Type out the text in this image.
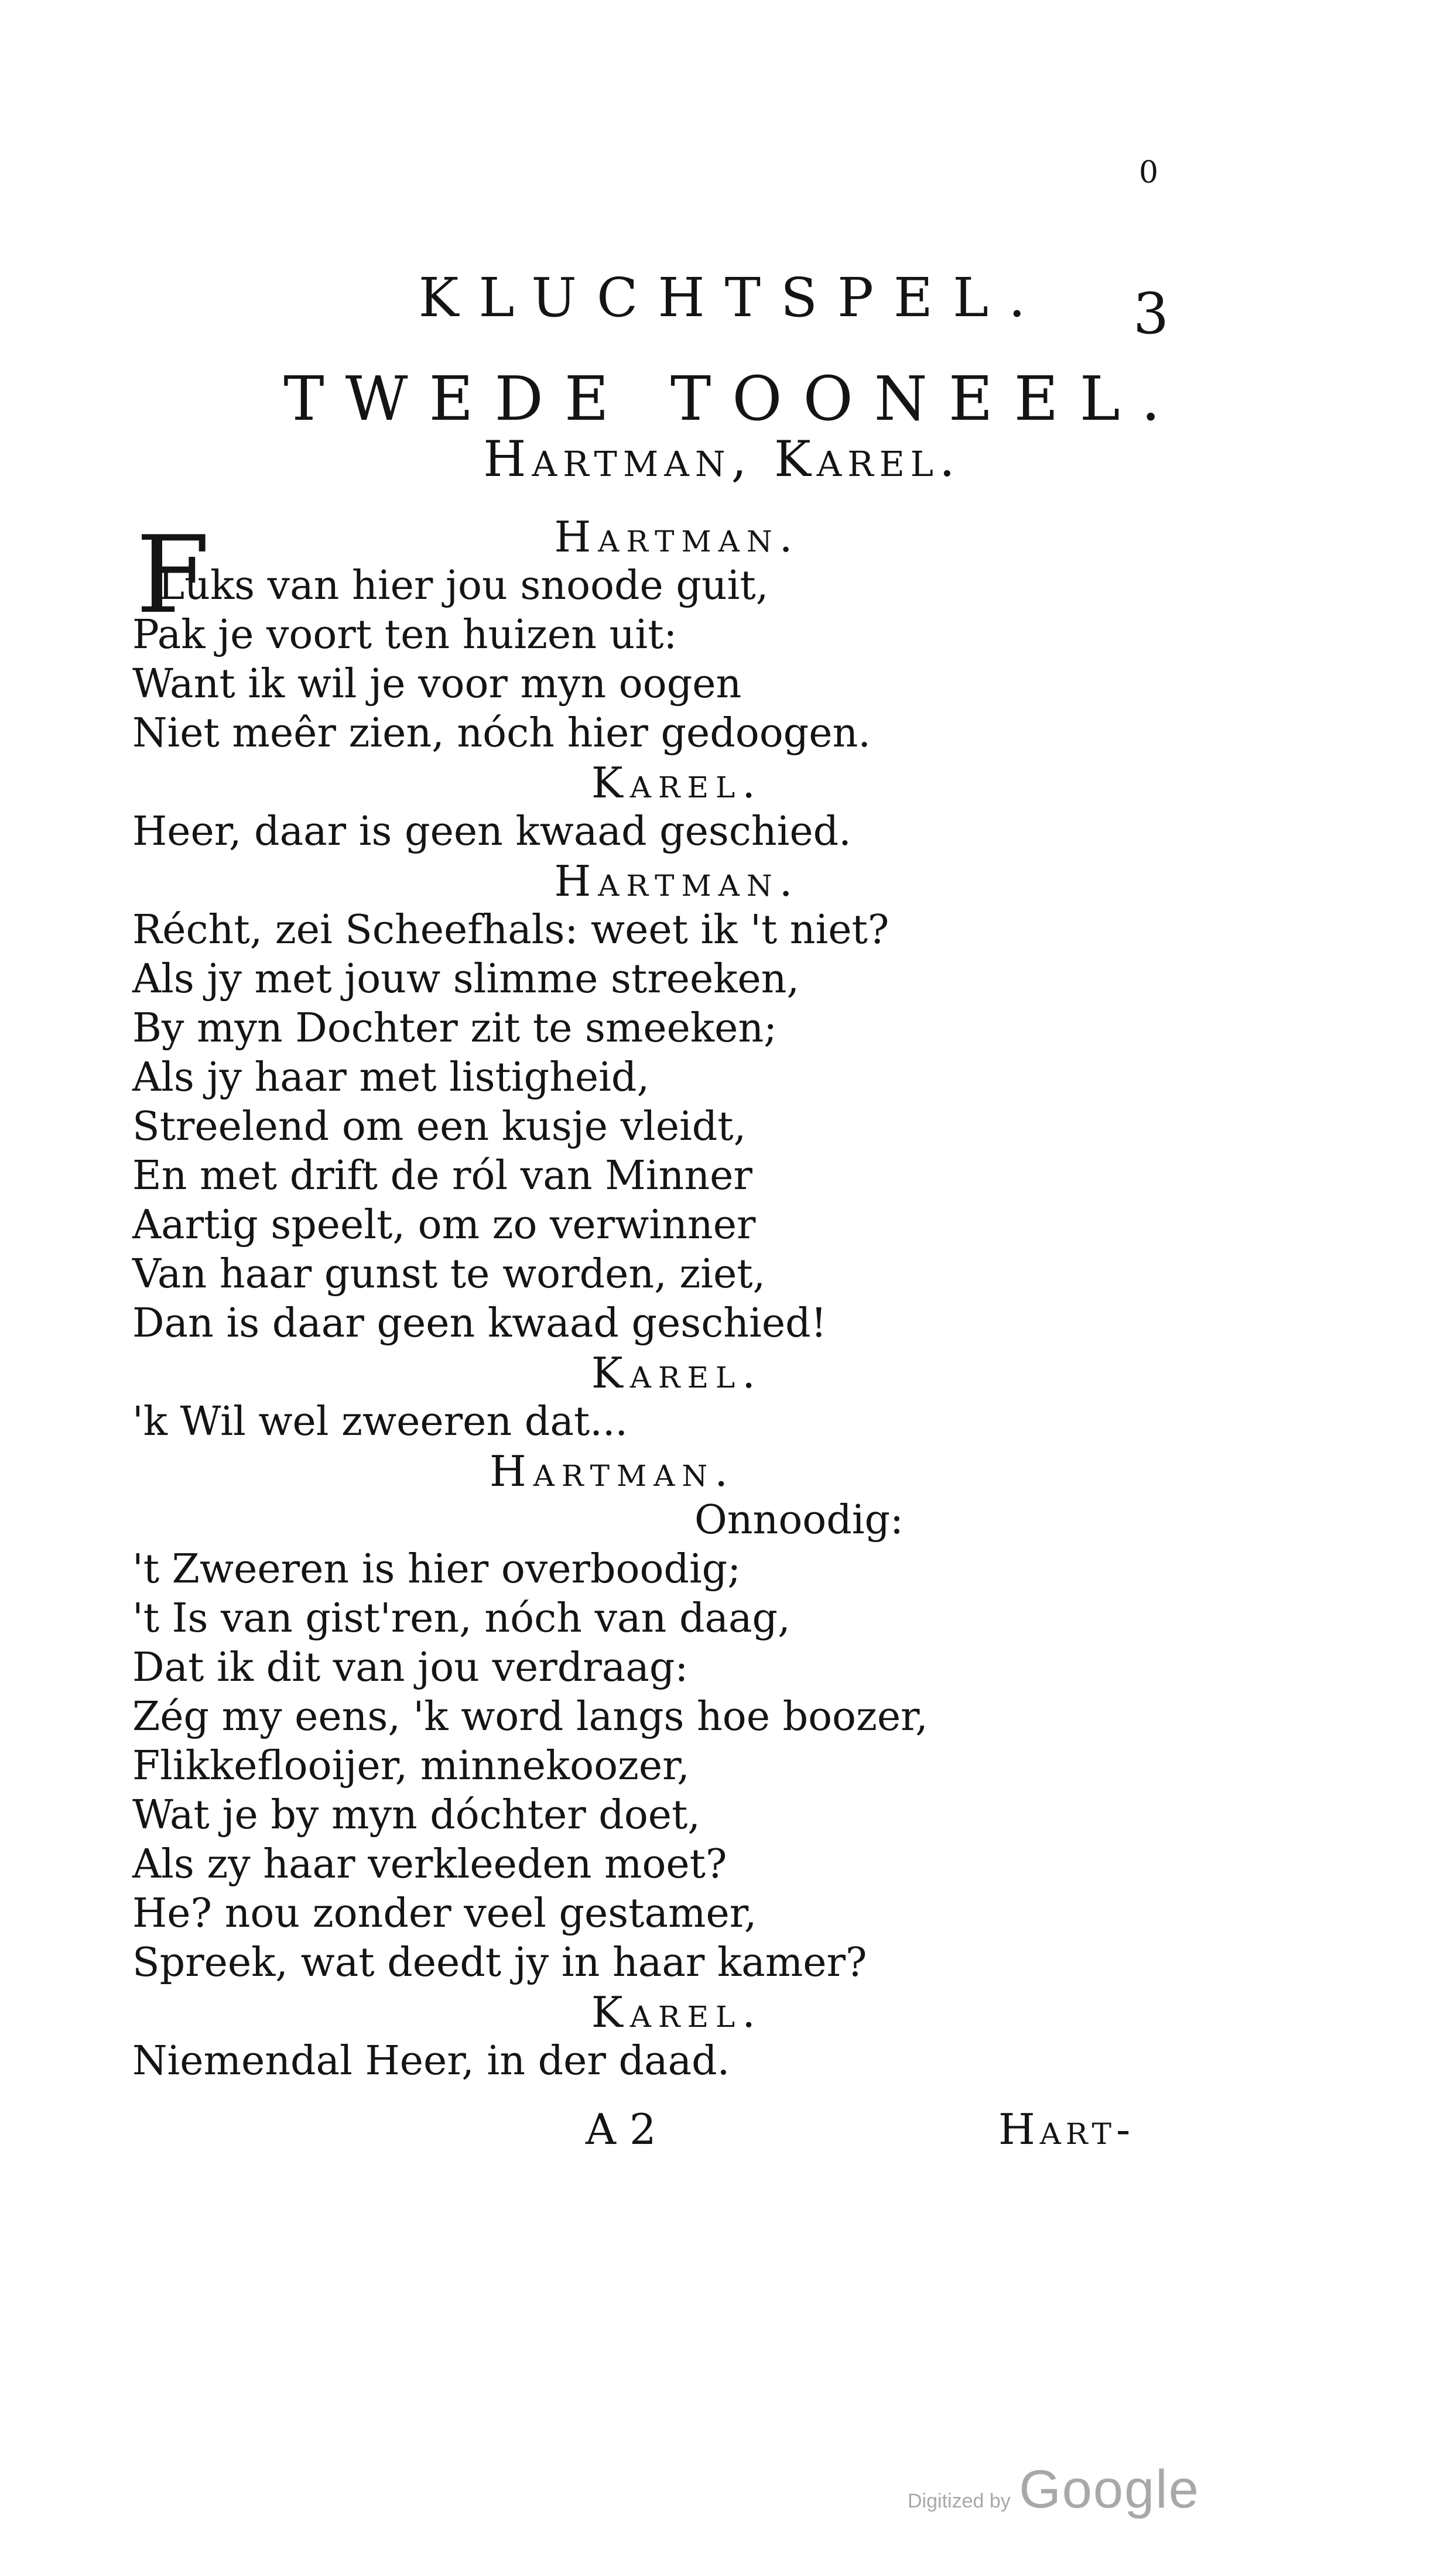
0
KLUCHTSPEL.	3
TWEDE TOONEEL.
Hartman, Karel.
F	Hartman.
Luks van hier jou snoode guit,
Pak je voort ten huizen uit:
Want ik wil je voor myn oogen
Niet meêr zien, nóch hier gedoogen.
Karel.
Heer, daar is geen kwaad geschied.
Hartman.
Récht, zei Scheefhals: weet ik 't niet?
Als jy met jouw slimme streeken,
By myn Dochter zit te smeeken;
Als jy haar met listigheid,
Streelend om een kusje vleidt,
En met drift de ról van Minner
Aartig speelt, om zo verwinner
Van haar gunst te worden, ziet,
Dan is daar geen kwaad geschied!
Karel.
'k Wil wel zweeren dat...
Hartman.
Onnoodig:
't Zweeren is hier overboodig;
't Is van gist'ren, nóch van daag,
Dat ik dit van jou verdraag:
Zég my eens, 'k word langs hoe boozer,
Flikkeflooijer, minnekoozer,
Wat je by myn dóchter doet,
Als zy haar verkleeden moet?
He? nou zonder veel gestamer,
Spreek, wat deedt jy in haar kamer?
Karel.
Niemendal Heer, in der daad.
A 2	Hart-
Digitized by Google
